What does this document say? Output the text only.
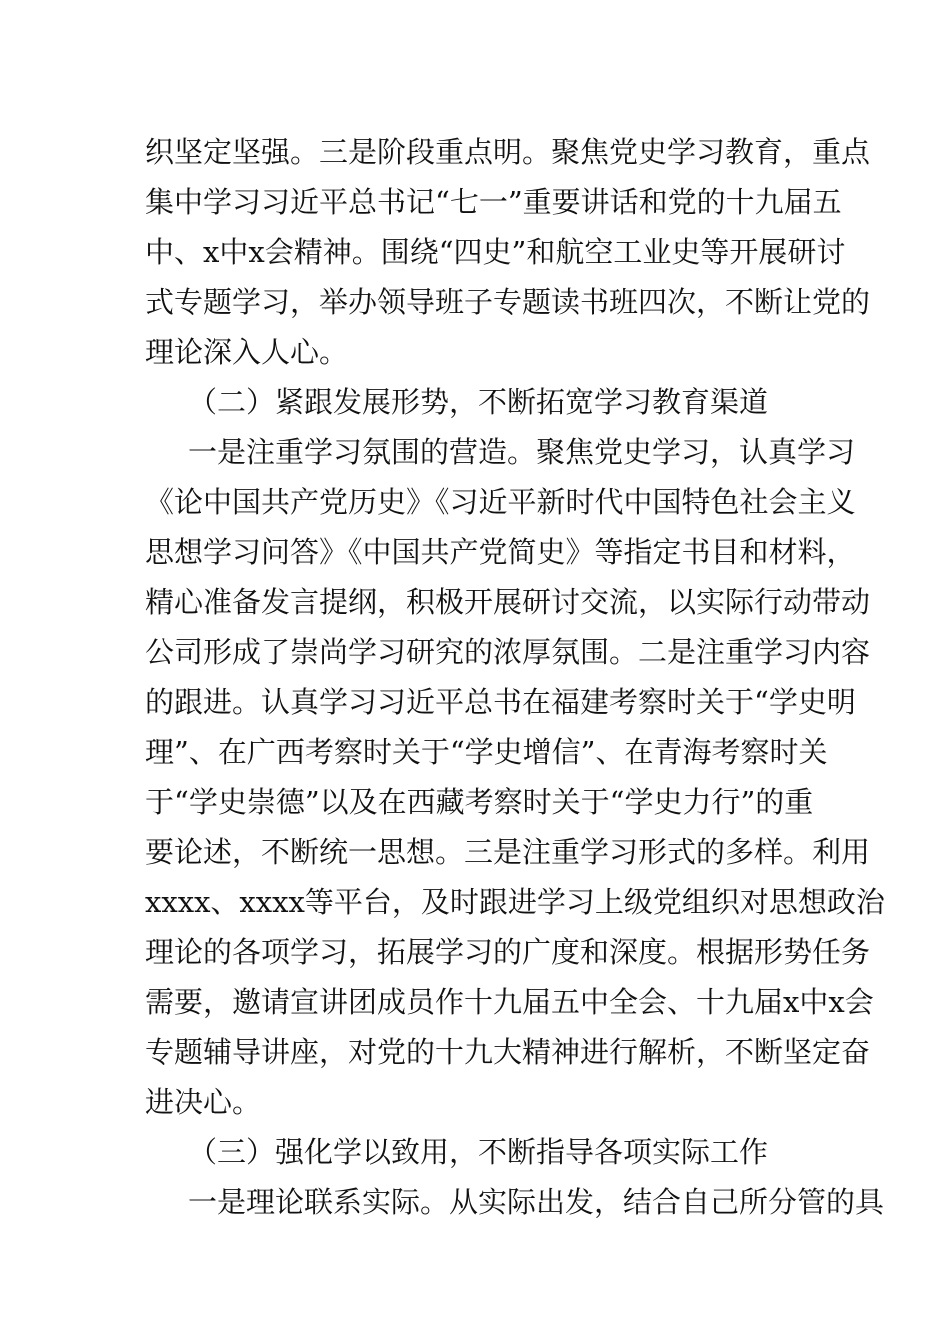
织坚定坚强。三是阶段重点明。聚焦党史学习教育，重点
集中学习习近平总书记“七一”重要讲话和党的十九届五
中、x中x会精神。围绕“四史”和航空工业史等开展研讨
式专题学习，举办领导班子专题读书班四次，不断让党的
理论深入人心。
（二）紧跟发展形势，不断拓宽学习教育渠道
一是注重学习氛围的营造。聚焦党史学习，认真学习
《论中国共产党历史》《习近平新时代中国特色社会主义
思想学习问答》《中国共产党简史》等指定书目和材料，
精心准备发言提纲，积极开展研讨交流，以实际行动带动
公司形成了崇尚学习研究的浓厚氛围。二是注重学习内容
的跟进。认真学习习近平总书在福建考察时关于“学史明
理”、在广西考察时关于“学史增信”、在青海考察时关
于“学史崇德”以及在西藏考察时关于“学史力行”的重
要论述，不断统一思想。三是注重学习形式的多样。利用
xxxx、xxxx等平台，及时跟进学习上级党组织对思想政治
理论的各项学习，拓展学习的广度和深度。根据形势任务
需要，邀请宣讲团成员作十九届五中全会、十九届x中x会
专题辅导讲座，对党的十九大精神进行解析，不断坚定奋
进决心。
（三）强化学以致用，不断指导各项实际工作
一是理论联系实际。从实际出发，结合自己所分管的具
